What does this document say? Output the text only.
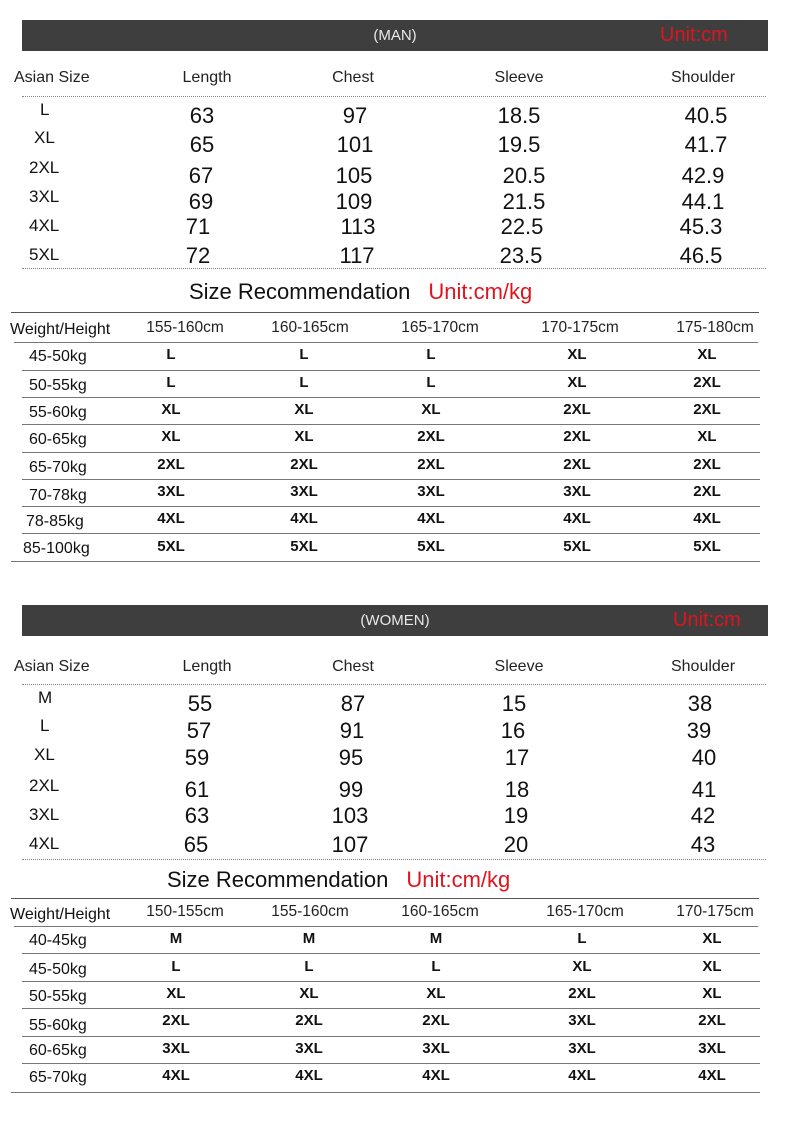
(MAN)	Unit:cm
Asian Size	Length	Chest	Sleeve	Shoulder
L	63	97	18.5	40.5
XL	65	101	19.5	41.7
2XL	67	105	20.5	42.9
3XL	69	109	21.5	44.1
4XL	71	113	22.5	45.3
5XL	72	117	23.5	46.5
Size Recommendation Unit:cm/kg
Weight/Height 155-160cm	160-165cm	165-170cm	170-175cm	175-180cm
45-50kg	L	L	L	XL	XL
50-55kg	L	L	L	XL	2XL
55-60kg	XL	XL	XL	2XL	2XL
60-65kg	XL	XL	2XL	2XL	XL
65-70kg	2XL	2XL	2XL	2XL	2XL
70-78kg	3XL	3XL	3XL	3XL	2XL
78-85kg	4XL	4XL	4XL	4XL	4XL
85-100kg	5XL	5XL	5XL	5XL	5XL
(WOMEN)	Unit:cm
Asian Size	Length	Chest	Sleeve	Shoulder
M	55	87	15	38
L	57	91	16	39
XL	59	95	17	40
2XL	61	99	18	41
3XL	63	103	19	42
4XL	65	107	20	43
Size Recommendation Unit:cm/kg
Weight/Height 150-155cm	155-160cm	160-165cm	165-170cm	170-175cm
40-45kg	M	M	M	L	XL
45-50kg	L	L	L	XL	XL
50-55kg	XL	XL	XL	2XL	XL
55-60kg	2XL	2XL	2XL	3XL	2XL
60-65kg	3XL	3XL	3XL	3XL	3XL
65-70kg	4XL	4XL	4XL	4XL	4XL
